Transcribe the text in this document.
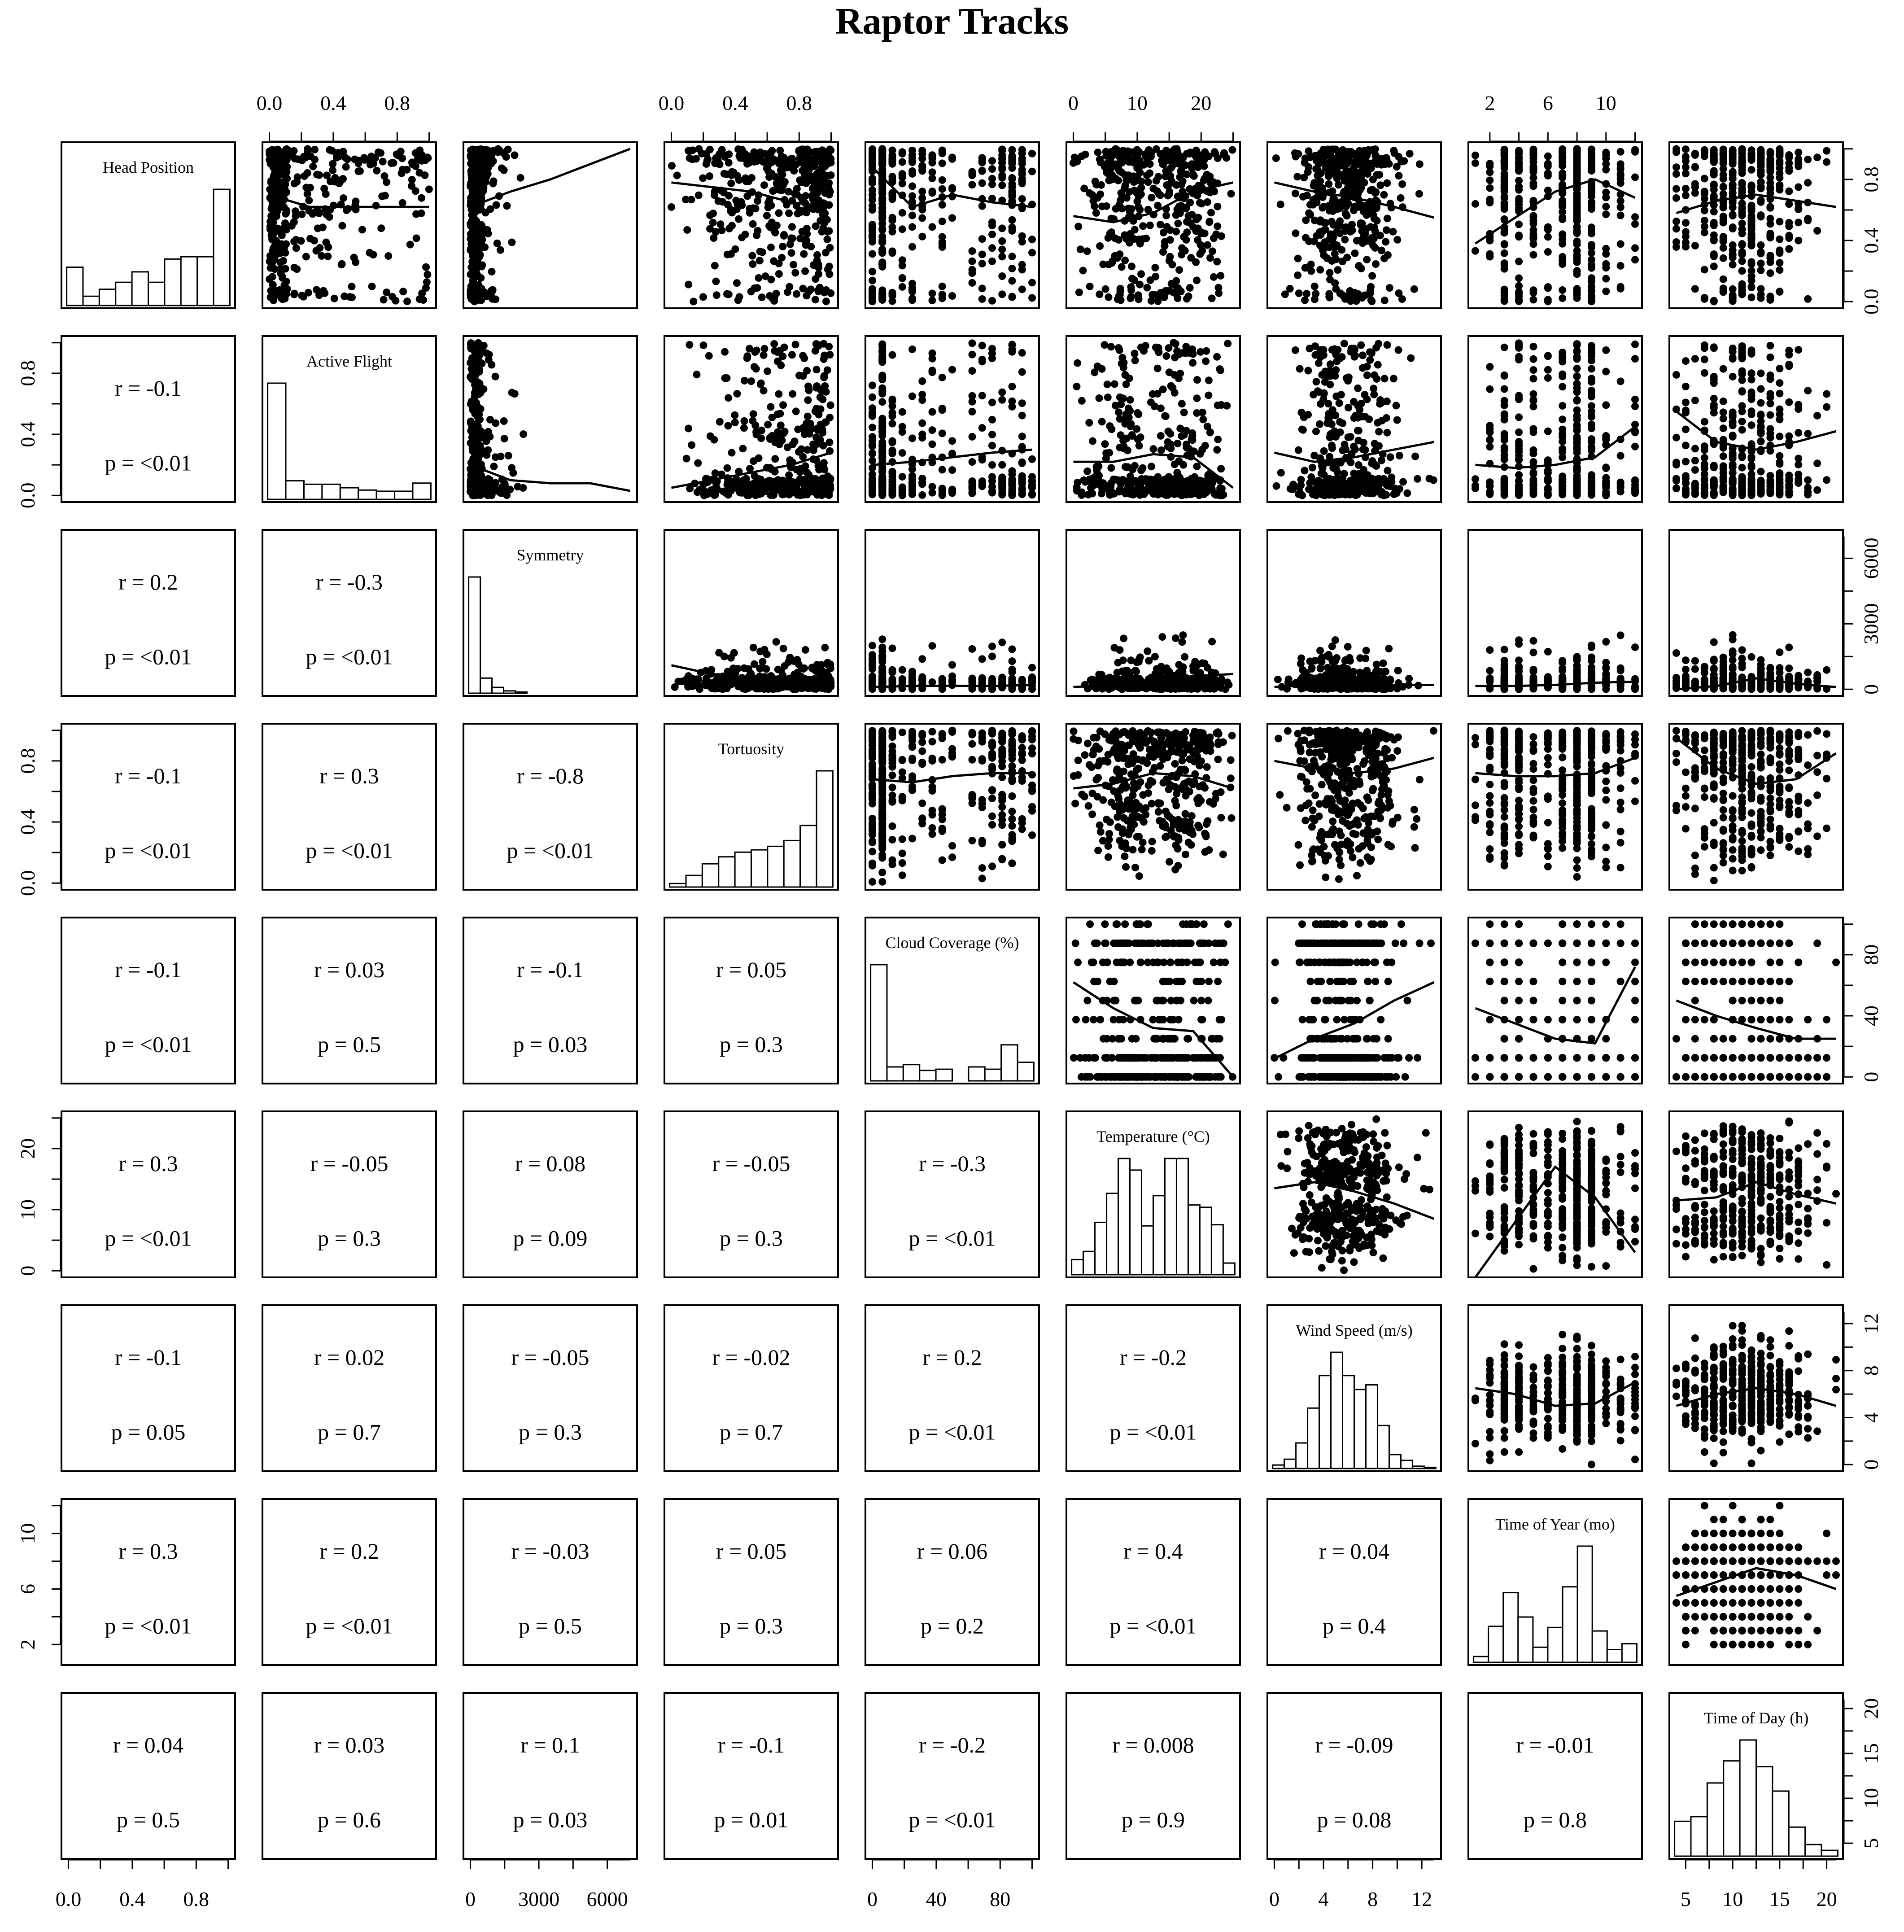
Raptor Tracks
Head Position
r = -0.1
p = <0.01
Active Flight
r = 0.2
p = <0.01
r = -0.3
p = <0.01
Symmetry
r = -0.1
p = <0.01
r = 0.3
p = <0.01
r = -0.8
p = <0.01
Tortuosity
r = -0.1
p = <0.01
r = 0.03
p = 0.5
r = -0.1
p = 0.03
r = 0.05
p = 0.3
Cloud Coverage (%)
r = 0.3
p = <0.01
r = -0.05
p = 0.3
r = 0.08
p = 0.09
r = -0.05
p = 0.3
r = -0.3
p = <0.01
Temperature (°C)
r = -0.1
p = 0.05
r = 0.02
p = 0.7
r = -0.05
p = 0.3
r = -0.02
p = 0.7
r = 0.2
p = <0.01
r = -0.2
p = <0.01
Wind Speed (m/s)
r = 0.3
p = <0.01
r = 0.2
p = <0.01
r = -0.03
p = 0.5
r = 0.05
p = 0.3
r = 0.06
p = 0.2
r = 0.4
p = <0.01
r = 0.04
p = 0.4
Time of Year (mo)
r = 0.04
p = 0.5
r = 0.03
p = 0.6
r = 0.1
p = 0.03
r = -0.1
p = 0.01
r = -0.2
p = <0.01
r = 0.008
p = 0.9
r = -0.09
p = 0.08
r = -0.01
p = 0.8
Time of Day (h)
0.0 0.4 0.8	0.0 0.4 0.8	0 10 20	2 6 10
0.0 0.4 0.8	0 3000 6000	0 40 80	0 4 8 12	5 10 15 20
0.0
0.4
0.8
0.0
0.4
0.8
0
10
20
2
6
10
0.0
0.4
0.8
0
3000
6000
0
40
80
0
4
8
12
5
10
15
20
